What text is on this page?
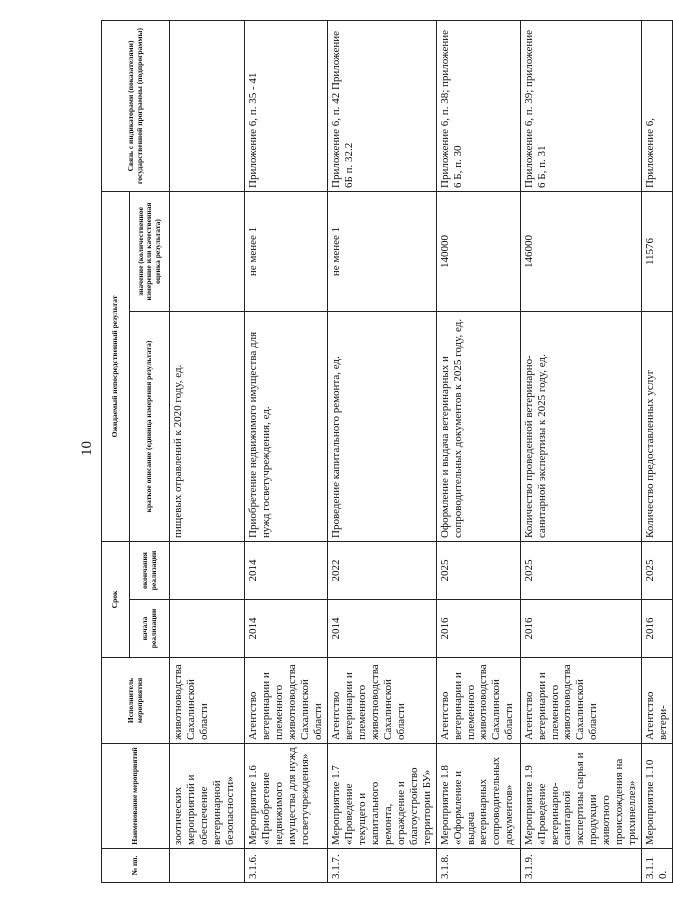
10
№ пп.	Наименование мероприятий	Исполнитель мероприятия	Срок		Ожидаемый непосредственный результат		Связь с индикаторами (показателями) государственной программы (подпрограммы)
			начала реализации	окончания реализации	краткое описание (единица измерения результата)	значение (количественное измерение или качественная оценка результата)	
	зоотических мероприятий и обеспечение ветеринарной безопасности»	животноводства Сахалинской области			пищевых отравлений к 2020 году, ед.		
3.1.6.	Мероприятие 1.6 «Приобретение недвижимого имущества для нужд госветучреждения»	Агентство ветеринарии и племенного животноводства Сахалинской области	2014	2014	Приобретение недвижимого имущества для нужд госветучреждения, ед.	не менее 1	Приложение 6, п. 35 - 41
3.1.7.	Мероприятие 1.7 «Проведение текущего и капитального ремонта, ограждение и благоустройство территории БУ»	Агентство ветеринарии и племенного животноводства Сахалинской области	2014	2022	Проведение капитального ремонта, ед.	не менее 1	Приложение 6, п. 42 Приложение 6Б п. 32.2
3.1.8.	Мероприятие 1.8 «Оформление и выдача ветеринарных сопроводительных документов»	Агентство ветеринарии и племенного животноводства Сахалинской области	2016	2025	Оформление и выдача ветеринарных и сопроводительных документов к 2025 году, ед.	140000	Приложение 6, п. 38; приложение 6 Б, п. 30
3.1.9.	Мероприятие 1.9 «Проведение ветеринарно-санитарной экспертизы сырья и продукции животного происхождения на трихинеллез»	Агентство ветеринарии и племенного животноводства Сахалинской области	2016	2025	Количество проведенной ветеринарно-санитарной экспертизы к 2025 году, ед.	146000	Приложение 6, п. 39; приложение 6 Б, п. 31
3.1.10.	Мероприятие 1.10	Агентство ветери-	2016	2025	Количество предоставленных услуг	11576	Приложение 6,
